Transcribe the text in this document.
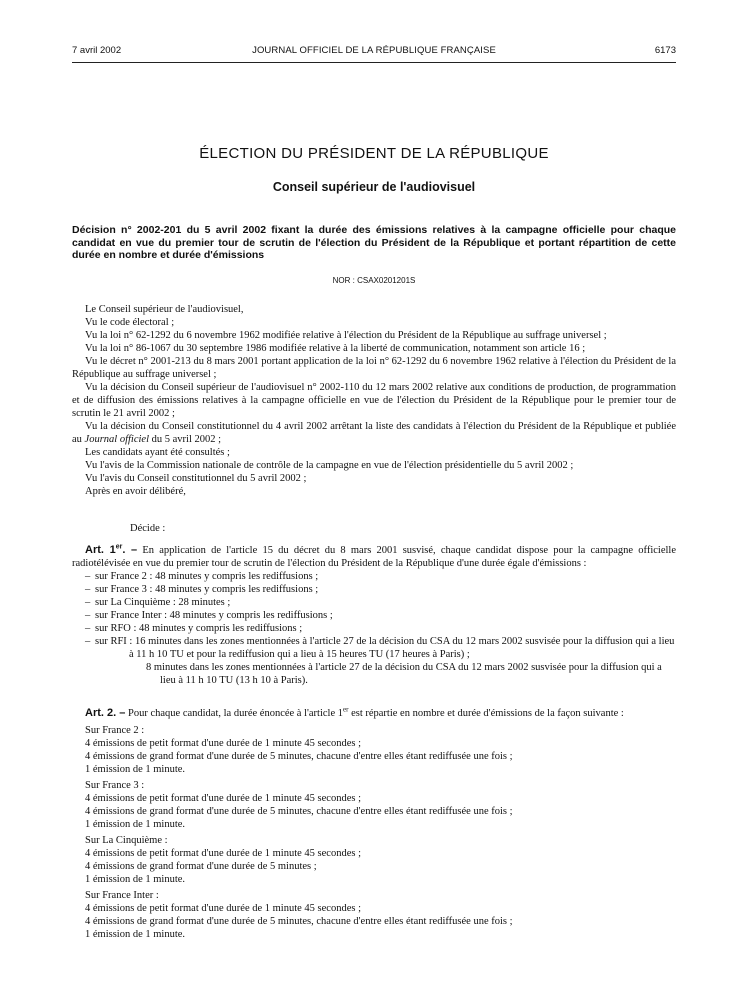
7 avril 2002	JOURNAL OFFICIEL DE LA RÉPUBLIQUE FRANÇAISE	6173
ÉLECTION DU PRÉSIDENT DE LA RÉPUBLIQUE
Conseil supérieur de l'audiovisuel
Décision n° 2002-201 du 5 avril 2002 fixant la durée des émissions relatives à la campagne officielle pour chaque candidat en vue du premier tour de scrutin de l'élection du Président de la République et portant répartition de cette durée en nombre et durée d'émissions
NOR : CSAX0201201S

Le Conseil supérieur de l'audiovisuel,

Vu le code électoral ;

Vu la loi n° 62-1292 du 6 novembre 1962 modifiée relative à l'élection du Président de la République au suffrage universel ;

Vu la loi n° 86-1067 du 30 septembre 1986 modifiée relative à la liberté de communication, notamment son article 16 ;

Vu le décret n° 2001-213 du 8 mars 2001 portant application de la loi n° 62-1292 du 6 novembre 1962 relative à l'élection du Président de la République au suffrage universel ;

Vu la décision du Conseil supérieur de l'audiovisuel n° 2002-110 du 12 mars 2002 relative aux conditions de production, de programmation et de diffusion des émissions relatives à la campagne officielle en vue de l'élection du Président de la République pour le premier tour de scrutin le 21 avril 2002 ;

Vu la décision du Conseil constitutionnel du 4 avril 2002 arrêtant la liste des candidats à l'élection du Président de la République et publiée au Journal officiel du 5 avril 2002 ;

Les candidats ayant été consultés ;

Vu l'avis de la Commission nationale de contrôle de la campagne en vue de l'élection présidentielle du 5 avril 2002 ;

Vu l'avis du Conseil constitutionnel du 5 avril 2002 ;

Après en avoir délibéré,

Décide :

Art. 1er. – En application de l'article 15 du décret du 8 mars 2001 susvisé, chaque candidat dispose pour la campagne officielle radiotélévisée en vue du premier tour de scrutin de l'élection du Président de la République d'une durée égale d'émissions :

– sur France 2 : 48 minutes y compris les rediffusions ;

– sur France 3 : 48 minutes y compris les rediffusions ;

– sur La Cinquième : 28 minutes ;

– sur France Inter : 48 minutes y compris les rediffusions ;

– sur RFO : 48 minutes y compris les rediffusions ;

– sur RFI : 16 minutes dans les zones mentionnées à l'article 27 de la décision du CSA du 12 mars 2002 susvisée pour la diffusion qui a lieu à 11 h 10 TU et pour la rediffusion qui a lieu à 15 heures TU (17 heures à Paris) ;

8 minutes dans les zones mentionnées à l'article 27 de la décision du CSA du 12 mars 2002 susvisée pour la diffusion qui a lieu à 11 h 10 TU (13 h 10 à Paris).

Art. 2. – Pour chaque candidat, la durée énoncée à l'article 1er est répartie en nombre et durée d'émissions de la façon suivante :

Sur France 2 :

4 émissions de petit format d'une durée de 1 minute 45 secondes ;

4 émissions de grand format d'une durée de 5 minutes, chacune d'entre elles étant rediffusée une fois ;

1 émission de 1 minute.

Sur France 3 :

4 émissions de petit format d'une durée de 1 minute 45 secondes ;

4 émissions de grand format d'une durée de 5 minutes, chacune d'entre elles étant rediffusée une fois ;

1 émission de 1 minute.

Sur La Cinquième :

4 émissions de petit format d'une durée de 1 minute 45 secondes ;

4 émissions de grand format d'une durée de 5 minutes ;

1 émission de 1 minute.

Sur France Inter :

4 émissions de petit format d'une durée de 1 minute 45 secondes ;

4 émissions de grand format d'une durée de 5 minutes, chacune d'entre elles étant rediffusée une fois ;

1 émission de 1 minute.
